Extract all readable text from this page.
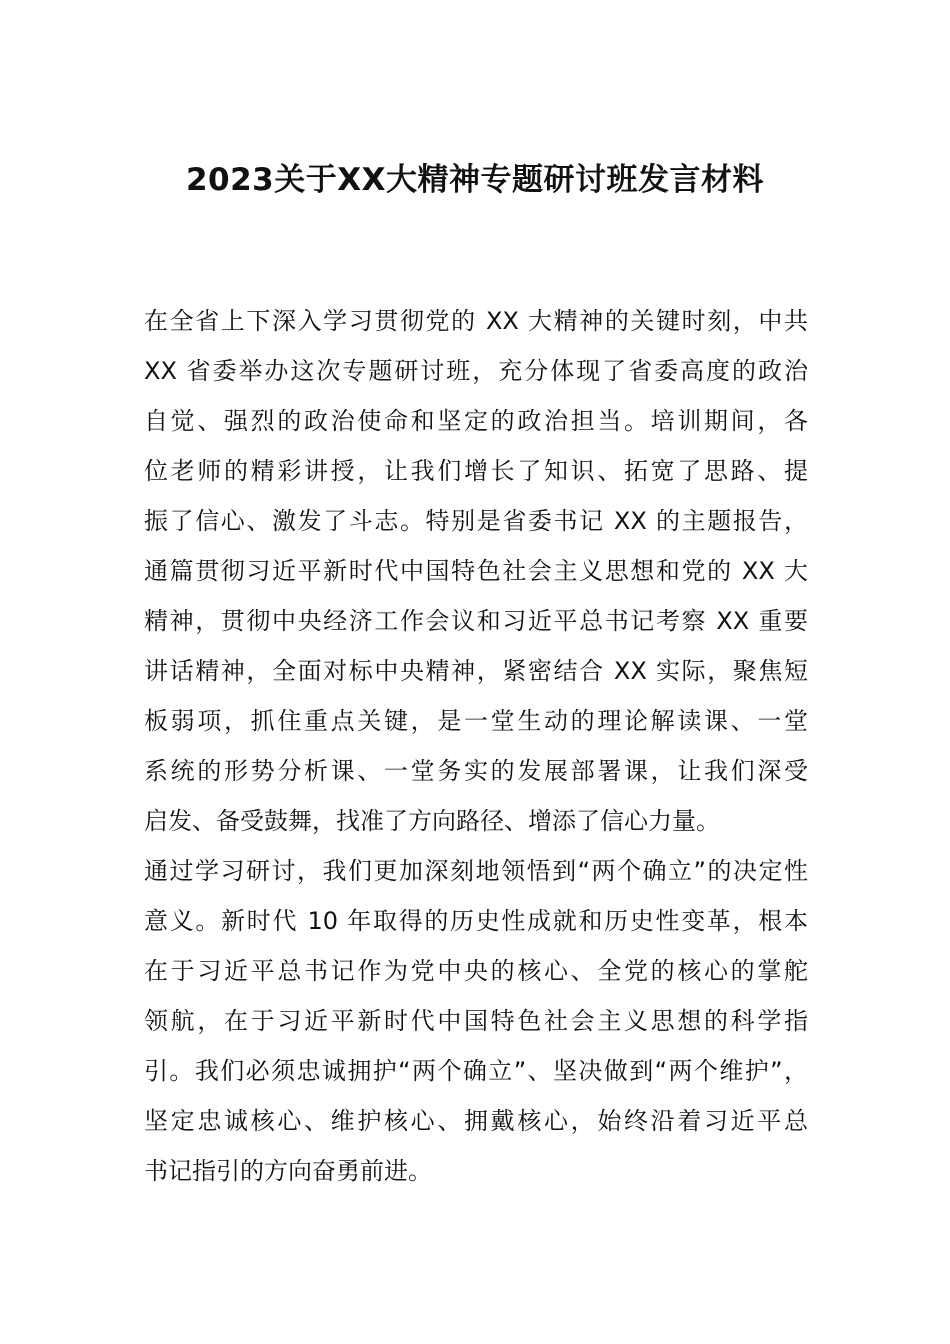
2023关于XX大精神专题研讨班发言材料
在全省上下深入学习贯彻党的 XX 大精神的关键时刻，中共
XX 省委举办这次专题研讨班，充分体现了省委高度的政治
自觉、强烈的政治使命和坚定的政治担当。培训期间，各
位老师的精彩讲授，让我们增长了知识、拓宽了思路、提
振了信心、激发了斗志。特别是省委书记 XX 的主题报告，
通篇贯彻习近平新时代中国特色社会主义思想和党的 XX 大
精神，贯彻中央经济工作会议和习近平总书记考察 XX 重要
讲话精神，全面对标中央精神，紧密结合 XX 实际，聚焦短
板弱项，抓住重点关键，是一堂生动的理论解读课、一堂
系统的形势分析课、一堂务实的发展部署课，让我们深受
启发、备受鼓舞，找准了方向路径、增添了信心力量。
通过学习研讨，我们更加深刻地领悟到“两个确立”的决定性
意义。新时代 10 年取得的历史性成就和历史性变革，根本
在于习近平总书记作为党中央的核心、全党的核心的掌舵
领航，在于习近平新时代中国特色社会主义思想的科学指
引。我们必须忠诚拥护“两个确立”、坚决做到“两个维护”，
坚定忠诚核心、维护核心、拥戴核心，始终沿着习近平总
书记指引的方向奋勇前进。
